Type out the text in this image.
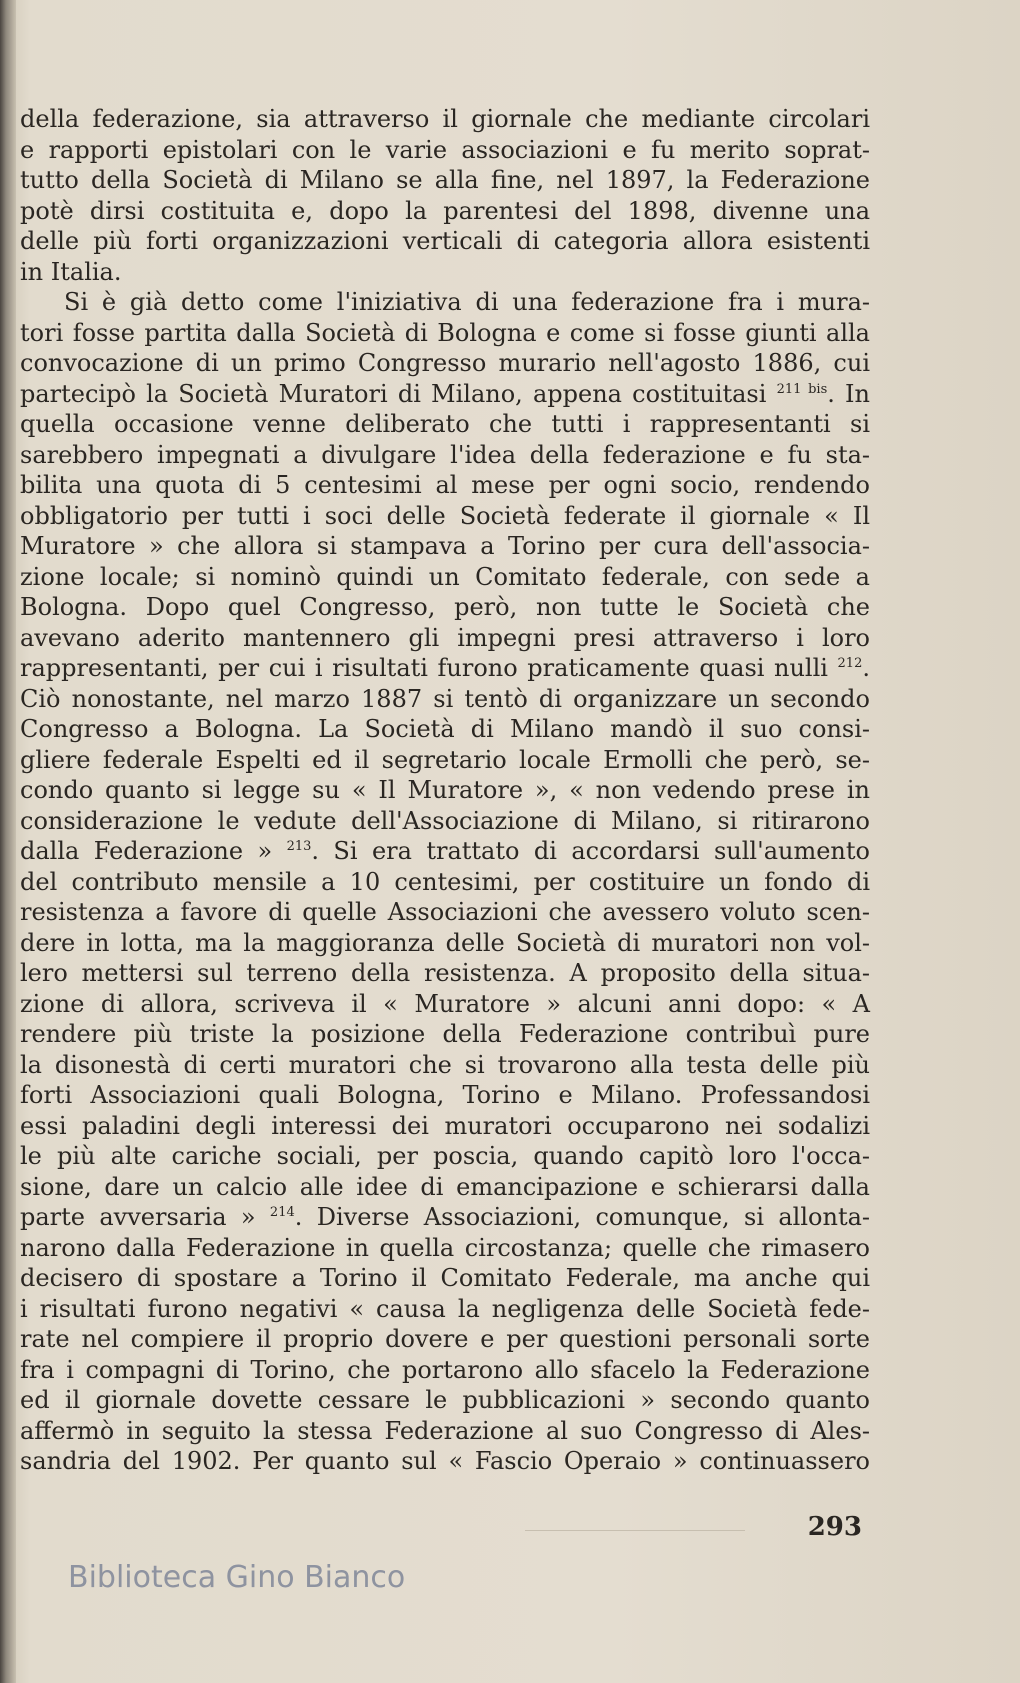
della federazione, sia attraverso il giornale che mediante circolari
e rapporti epistolari con le varie associazioni e fu merito soprat-
tutto della Società di Milano se alla fine, nel 1897, la Federazione
potè dirsi costituita e, dopo la parentesi del 1898, divenne una
delle più forti organizzazioni verticali di categoria allora esistenti
in Italia.
Si è già detto come l'iniziativa di una federazione fra i mura-
tori fosse partita dalla Società di Bologna e come si fosse giunti alla
convocazione di un primo Congresso murario nell'agosto 1886, cui
partecipò la Società Muratori di Milano, appena costituitasi $^{211 bis}$. In
quella occasione venne deliberato che tutti i rappresentanti si
sarebbero impegnati a divulgare l'idea della federazione e fu sta-
bilita una quota di 5 centesimi al mese per ogni socio, rendendo
obbligatorio per tutti i soci delle Società federate il giornale « Il
Muratore » che allora si stampava a Torino per cura dell'associa-
zione locale; si nominò quindi un Comitato federale, con sede a
Bologna. Dopo quel Congresso, però, non tutte le Società che
avevano aderito mantennero gli impegni presi attraverso i loro
rappresentanti, per cui i risultati furono praticamente quasi nulli $^{212}$.
Ciò nonostante, nel marzo 1887 si tentò di organizzare un secondo
Congresso a Bologna. La Società di Milano mandò il suo consi-
gliere federale Espelti ed il segretario locale Ermolli che però, se-
condo quanto si legge su « Il Muratore », « non vedendo prese in
considerazione le vedute dell'Associazione di Milano, si ritirarono
dalla Federazione » $^{213}$. Si era trattato di accordarsi sull'aumento
del contributo mensile a 10 centesimi, per costituire un fondo di
resistenza a favore di quelle Associazioni che avessero voluto scen-
dere in lotta, ma la maggioranza delle Società di muratori non vol-
lero mettersi sul terreno della resistenza. A proposito della situa-
zione di allora, scriveva il « Muratore » alcuni anni dopo: « A
rendere più triste la posizione della Federazione contribuì pure
la disonestà di certi muratori che si trovarono alla testa delle più
forti Associazioni quali Bologna, Torino e Milano. Professandosi
essi paladini degli interessi dei muratori occuparono nei sodalizi
le più alte cariche sociali, per poscia, quando capitò loro l'occa-
sione, dare un calcio alle idee di emancipazione e schierarsi dalla
parte avversaria » $^{214}$. Diverse Associazioni, comunque, si allonta-
narono dalla Federazione in quella circostanza; quelle che rimasero
decisero di spostare a Torino il Comitato Federale, ma anche qui
i risultati furono negativi « causa la negligenza delle Società fede-
rate nel compiere il proprio dovere e per questioni personali sorte
fra i compagni di Torino, che portarono allo sfacelo la Federazione
ed il giornale dovette cessare le pubblicazioni » secondo quanto
affermò in seguito la stessa Federazione al suo Congresso di Ales-
sandria del 1902. Per quanto sul « Fascio Operaio » continuassero
293
Biblioteca Gino Bianco
